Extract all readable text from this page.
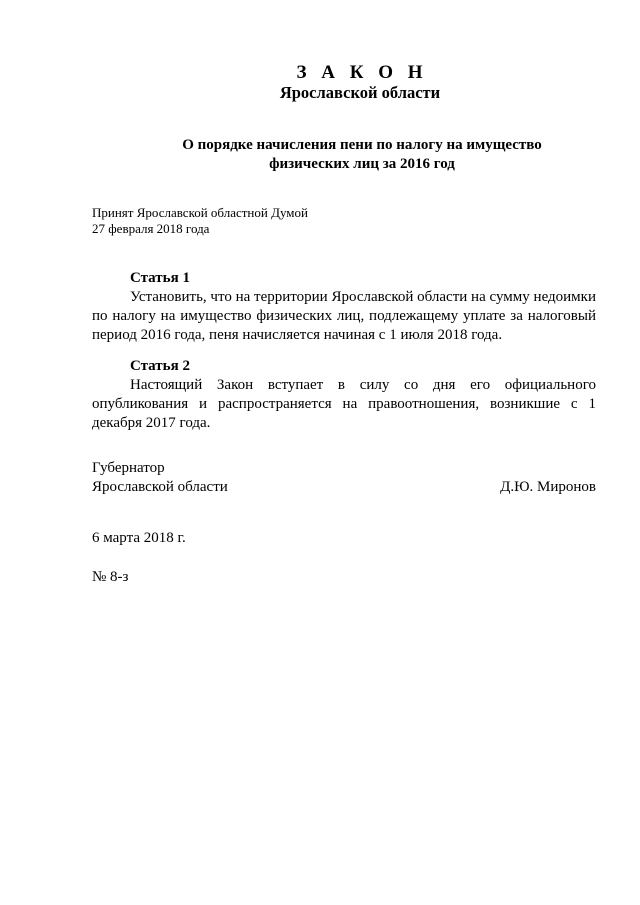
З А К О Н
Ярославской области
О порядке начисления пени по налогу на имущество
физических лиц за 2016 год
Принят Ярославской областной Думой
27 февраля 2018 года
Статья 1

Установить, что на территории Ярославской области на сумму недоимки по налогу на имущество физических лиц, подлежащему уплате за налоговый период 2016 года, пеня начисляется начиная с 1 июля 2018 года.

Статья 2

Настоящий Закон вступает в силу со дня его официального опубликования и распространяется на правоотношения, возникшие с 1 декабря 2017 года.

Губернатор
Ярославской области	Д.Ю. Миронов
6 марта 2018 г.
№ 8-з
